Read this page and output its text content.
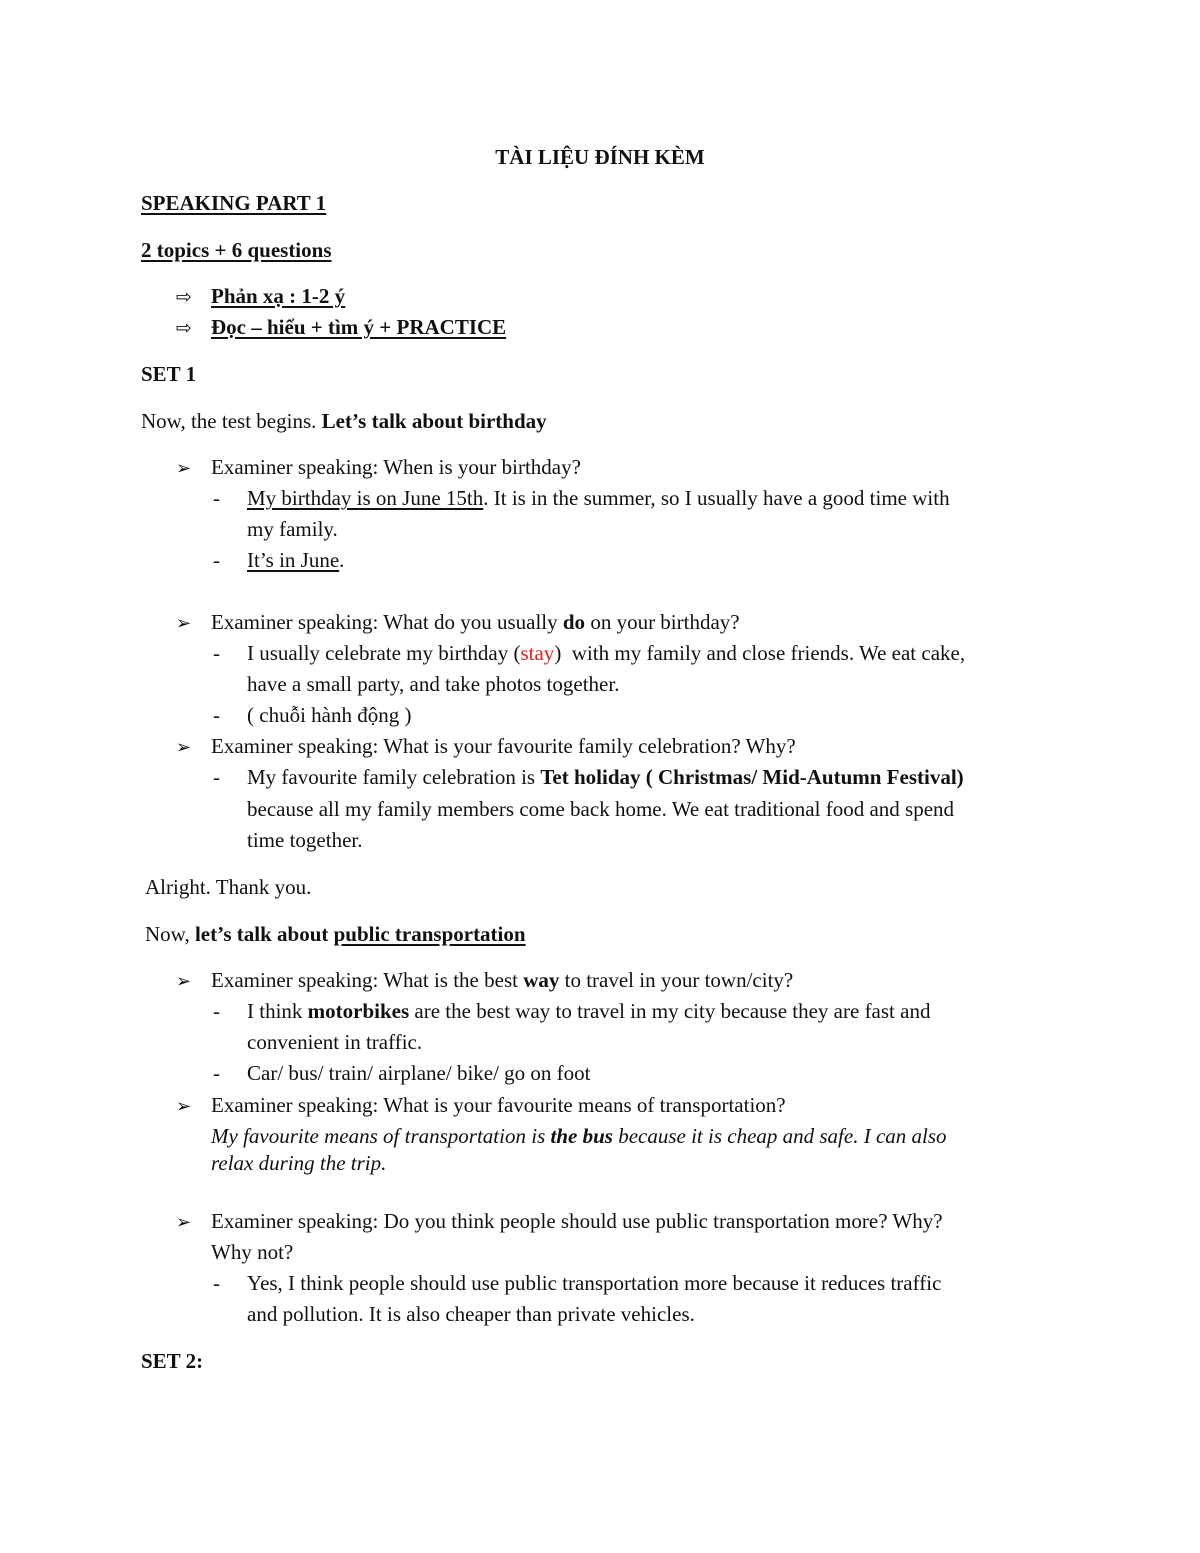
TÀI LIỆU ĐÍNH KÈM
SPEAKING PART 1
2 topics + 6 questions
⇨ Phản xạ : 1-2 ý
⇨ Đọc – hiểu + tìm ý + PRACTICE
SET 1
Now, the test begins. Let’s talk about birthday
➢ Examiner speaking: When is your birthday?
- My birthday is on June 15th. It is in the summer, so I usually have a good time with
my family.
- It’s in June.
➢ Examiner speaking: What do you usually do on your birthday?
- I usually celebrate my birthday (stay)  with my family and close friends. We eat cake,
have a small party, and take photos together.
- ( chuỗi hành động )
➢ Examiner speaking: What is your favourite family celebration? Why?
- My favourite family celebration is Tet holiday ( Christmas/ Mid-Autumn Festival)
because all my family members come back home. We eat traditional food and spend
time together.
Alright. Thank you.
Now, let’s talk about public transportation
➢ Examiner speaking: What is the best way to travel in your town/city?
- I think motorbikes are the best way to travel in my city because they are fast and
convenient in traffic.
- Car/ bus/ train/ airplane/ bike/ go on foot
➢ Examiner speaking: What is your favourite means of transportation?
My favourite means of transportation is the bus because it is cheap and safe. I can also
relax during the trip.
➢ Examiner speaking: Do you think people should use public transportation more? Why?
Why not?
- Yes, I think people should use public transportation more because it reduces traffic
and pollution. It is also cheaper than private vehicles.
SET 2:
